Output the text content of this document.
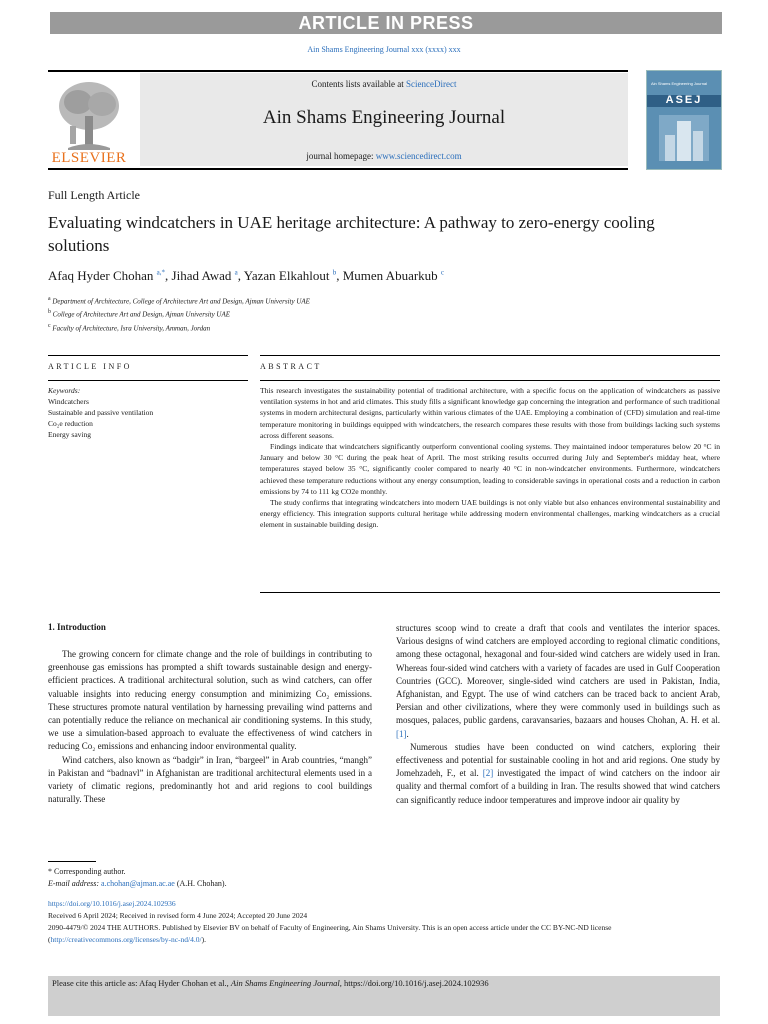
ARTICLE IN PRESS
Ain Shams Engineering Journal xxx (xxxx) xxx
Contents lists available at ScienceDirect
Ain Shams Engineering Journal
journal homepage: www.sciencedirect.com
ELSEVIER
Ain Shams Engineering Journal
ASEJ
Full Length Article
Evaluating windcatchers in UAE heritage architecture: A pathway to zero-energy cooling solutions
Afaq Hyder Chohan $^{a,*}$, Jihad Awad $^a$, Yazan Elkahlout $^b$, Mumen Abuarkub $^c$
$^a$ Department of Architecture, College of Architecture Art and Design, Ajman University UAE
$^b$ College of Architecture Art and Design, Ajman University UAE
$^c$ Faculty of Architecture, Isra University, Amman, Jordan
ARTICLE INFO	ABSTRACT
Keywords:
Windcatchers
Sustainable and passive ventilation
Co₂e reduction
Energy saving

This research investigates the sustainability potential of traditional architecture, with a specific focus on the application of windcatchers as passive ventilation systems in hot and arid climates. This study fills a significant knowledge gap concerning the integration and performance of such traditional systems in modern architectural designs, particularly within various climates of the UAE. Employing a combination of (CFD) simulation and real-time temperature monitoring in buildings equipped with windcatchers, the research compares these results with those from buildings lacking such systems across different seasons.

Findings indicate that windcatchers significantly outperform conventional cooling systems. They maintained indoor temperatures below 20 °C in January and below 30 °C during the peak heat of April. The most striking results occurred during July and September's midday heat, where temperatures stayed below 35 °C, significantly cooler compared to nearly 40 °C in non-windcatcher environments. Furthermore, windcatchers achieved these temperature reductions without any energy consumption, leading to considerable savings in operational costs and a reduction in carbon emissions by 74 to 111 kg CO2e monthly.

The study confirms that integrating windcatchers into modern UAE buildings is not only viable but also enhances environmental sustainability and energy efficiency. This integration supports cultural heritage while addressing modern environmental challenges, marking windcatchers as a crucial element in sustainable building design.

1. Introduction

The growing concern for climate change and the role of buildings in contributing to greenhouse gas emissions has prompted a shift towards sustainable design and energy-efficient practices. A traditional architectural solution, such as wind catchers, can offer valuable insights into reducing energy consumption and minimizing Co₂ emissions. These structures promote natural ventilation by harnessing prevailing wind patterns and can potentially reduce the reliance on mechanical air conditioning systems. In this study, we use a simulation-based approach to evaluate the effectiveness of wind catchers in reducing Co₂ emissions and enhancing indoor environmental quality.

Wind catchers, also known as “badgir” in Iran, “bargeel” in Arab countries, “mangh” in Pakistan and “badnavl” in Afghanistan are traditional architectural elements used in a variety of climatic regions, predominantly hot and arid regions to cool buildings naturally. These

structures scoop wind to create a draft that cools and ventilates the interior spaces. Various designs of wind catchers are employed according to regional climatic conditions, among these octagonal, hexagonal and four-sided wind catchers are widely used in Iran. Whereas four-sided wind catchers with a variety of facades are used in Gulf Cooperation Countries (GCC). Moreover, single-sided wind catchers are used in Pakistan, India, Afghanistan, and Egypt. The use of wind catchers can be traced back to ancient Arab, Persian and other civilizations, where they were commonly used in buildings such as mosques, palaces, public gardens, caravansaries, bazaars and houses Chohan, A. H. et al. [1].

Numerous studies have been conducted on wind catchers, exploring their effectiveness and potential for sustainable cooling in hot and arid regions. One study by Jomehzadeh, F., et al. [2] investigated the impact of wind catchers on the indoor air quality and thermal comfort of a building in Iran. The results showed that wind catchers can significantly reduce indoor temperatures and improve indoor air quality by

* Corresponding author.
E-mail address: a.chohan@ajman.ac.ae (A.H. Chohan).
https://doi.org/10.1016/j.asej.2024.102936
Received 6 April 2024; Received in revised form 4 June 2024; Accepted 20 June 2024
2090-4479/© 2024 THE AUTHORS. Published by Elsevier BV on behalf of Faculty of Engineering, Ain Shams University. This is an open access article under the CC BY-NC-ND license (http://creativecommons.org/licenses/by-nc-nd/4.0/).
Please cite this article as: Afaq Hyder Chohan et al., Ain Shams Engineering Journal, https://doi.org/10.1016/j.asej.2024.102936
